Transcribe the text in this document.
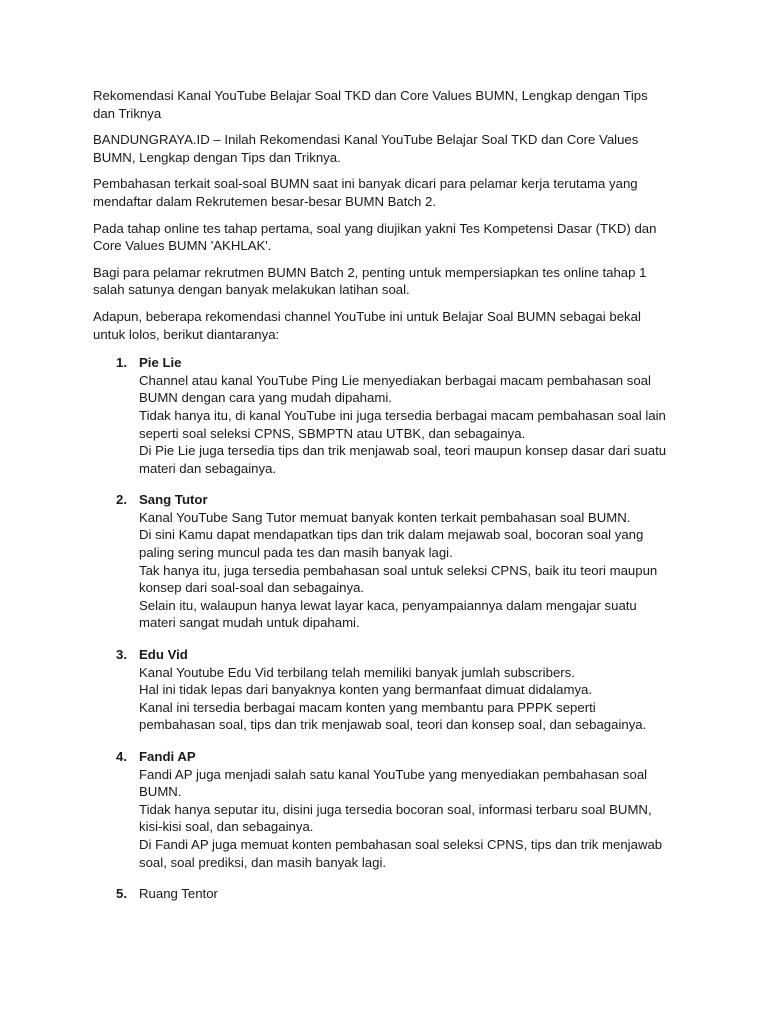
Rekomendasi Kanal YouTube Belajar Soal TKD dan Core Values BUMN, Lengkap dengan Tips dan Triknya

BANDUNGRAYA.ID – Inilah Rekomendasi Kanal YouTube Belajar Soal TKD dan Core Values BUMN, Lengkap dengan Tips dan Triknya.

Pembahasan terkait soal-soal BUMN saat ini banyak dicari para pelamar kerja terutama yang mendaftar dalam Rekrutemen besar-besar BUMN Batch 2.

Pada tahap online tes tahap pertama, soal yang diujikan yakni Tes Kompetensi Dasar (TKD) dan Core Values BUMN 'AKHLAK'.

Bagi para pelamar rekrutmen BUMN Batch 2, penting untuk mempersiapkan tes online tahap 1 salah satunya dengan banyak melakukan latihan soal.

Adapun, beberapa rekomendasi channel YouTube ini untuk Belajar Soal BUMN sebagai bekal untuk lolos, berikut diantaranya:

1. Pie Lie
Channel atau kanal YouTube Ping Lie menyediakan berbagai macam pembahasan soal BUMN dengan cara yang mudah dipahami.
Tidak hanya itu, di kanal YouTube ini juga tersedia berbagai macam pembahasan soal lain seperti soal seleksi CPNS, SBMPTN atau UTBK, dan sebagainya.
Di Pie Lie juga tersedia tips dan trik menjawab soal, teori maupun konsep dasar dari suatu materi dan sebagainya.
2. Sang Tutor
Kanal YouTube Sang Tutor memuat banyak konten terkait pembahasan soal BUMN.
Di sini Kamu dapat mendapatkan tips dan trik dalam mejawab soal, bocoran soal yang paling sering muncul pada tes dan masih banyak lagi.
Tak hanya itu, juga tersedia pembahasan soal untuk seleksi CPNS, baik itu teori maupun konsep dari soal-soal dan sebagainya.
Selain itu, walaupun hanya lewat layar kaca, penyampaiannya dalam mengajar suatu materi sangat mudah untuk dipahami.
3. Edu Vid
Kanal Youtube Edu Vid terbilang telah memiliki banyak jumlah subscribers.
Hal ini tidak lepas dari banyaknya konten yang bermanfaat dimuat didalamya.
Kanal ini tersedia berbagai macam konten yang membantu para PPPK seperti pembahasan soal, tips dan trik menjawab soal, teori dan konsep soal, dan sebagainya.
4. Fandi AP
Fandi AP juga menjadi salah satu kanal YouTube yang menyediakan pembahasan soal BUMN.
Tidak hanya seputar itu, disini juga tersedia bocoran soal, informasi terbaru soal BUMN, kisi-kisi soal, dan sebagainya.
Di Fandi AP juga memuat konten pembahasan soal seleksi CPNS, tips dan trik menjawab soal, soal prediksi, dan masih banyak lagi.
5. Ruang Tentor
